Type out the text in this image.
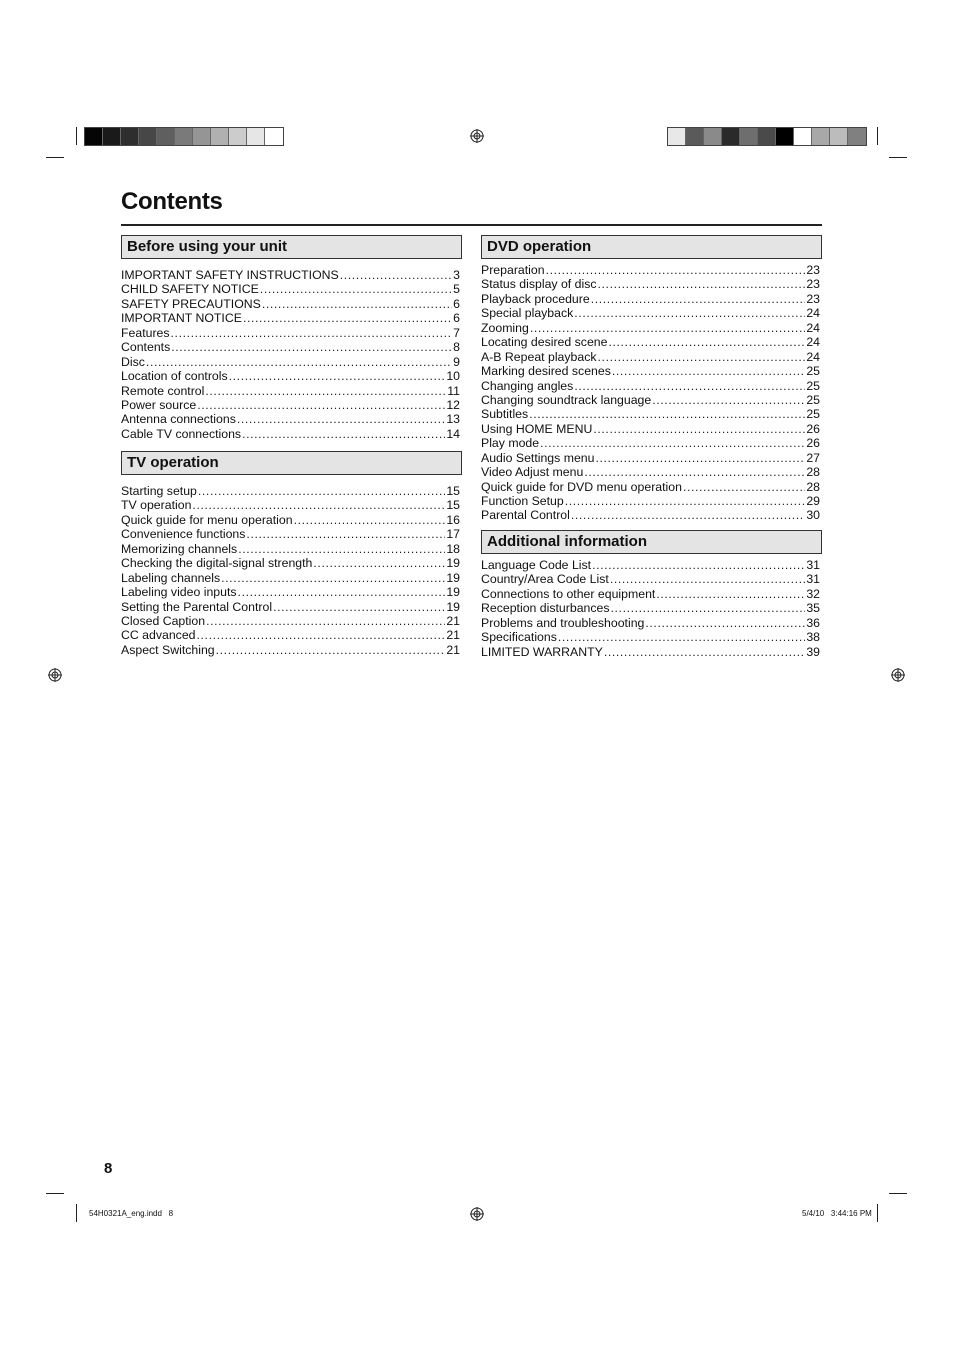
Contents
Before using your unit
IMPORTANT SAFETY INSTRUCTIONS .....	3
CHILD SAFETY NOTICE .....	5
SAFETY PRECAUTIONS .....	6
IMPORTANT NOTICE .....	6
Features .....	7
Contents .....	8
Disc .....	9
Location of controls .....	10
Remote control .....	11
Power source .....	12
Antenna connections .....	13
Cable TV connections .....	14
TV operation
Starting setup .....	15
TV operation .....	15
Quick guide for menu operation .....	16
Convenience functions .....	17
Memorizing channels .....	18
Checking the digital-signal strength .....	19
Labeling channels .....	19
Labeling video inputs .....	19
Setting the Parental Control .....	19
Closed Caption .....	21
CC advanced .....	21
Aspect Switching .....	21
DVD operation
Preparation .....	23
Status display of disc .....	23
Playback procedure .....	23
Special playback .....	24
Zooming .....	24
Locating desired scene .....	24
A-B Repeat playback .....	24
Marking desired scenes .....	25
Changing angles .....	25
Changing soundtrack language .....	25
Subtitles .....	25
Using HOME MENU .....	26
Play mode .....	26
Audio Settings menu .....	27
Video Adjust menu .....	28
Quick guide for DVD menu operation .....	28
Function Setup .....	29
Parental Control .....	30
Additional information
Language Code List .....	31
Country/Area Code List .....	31
Connections to other equipment .....	32
Reception disturbances .....	35
Problems and troubleshooting .....	36
Specifications .....	38
LIMITED WARRANTY .....	39
8
54H0321A_eng.indd   8	5/4/10   3:44:16 PM
